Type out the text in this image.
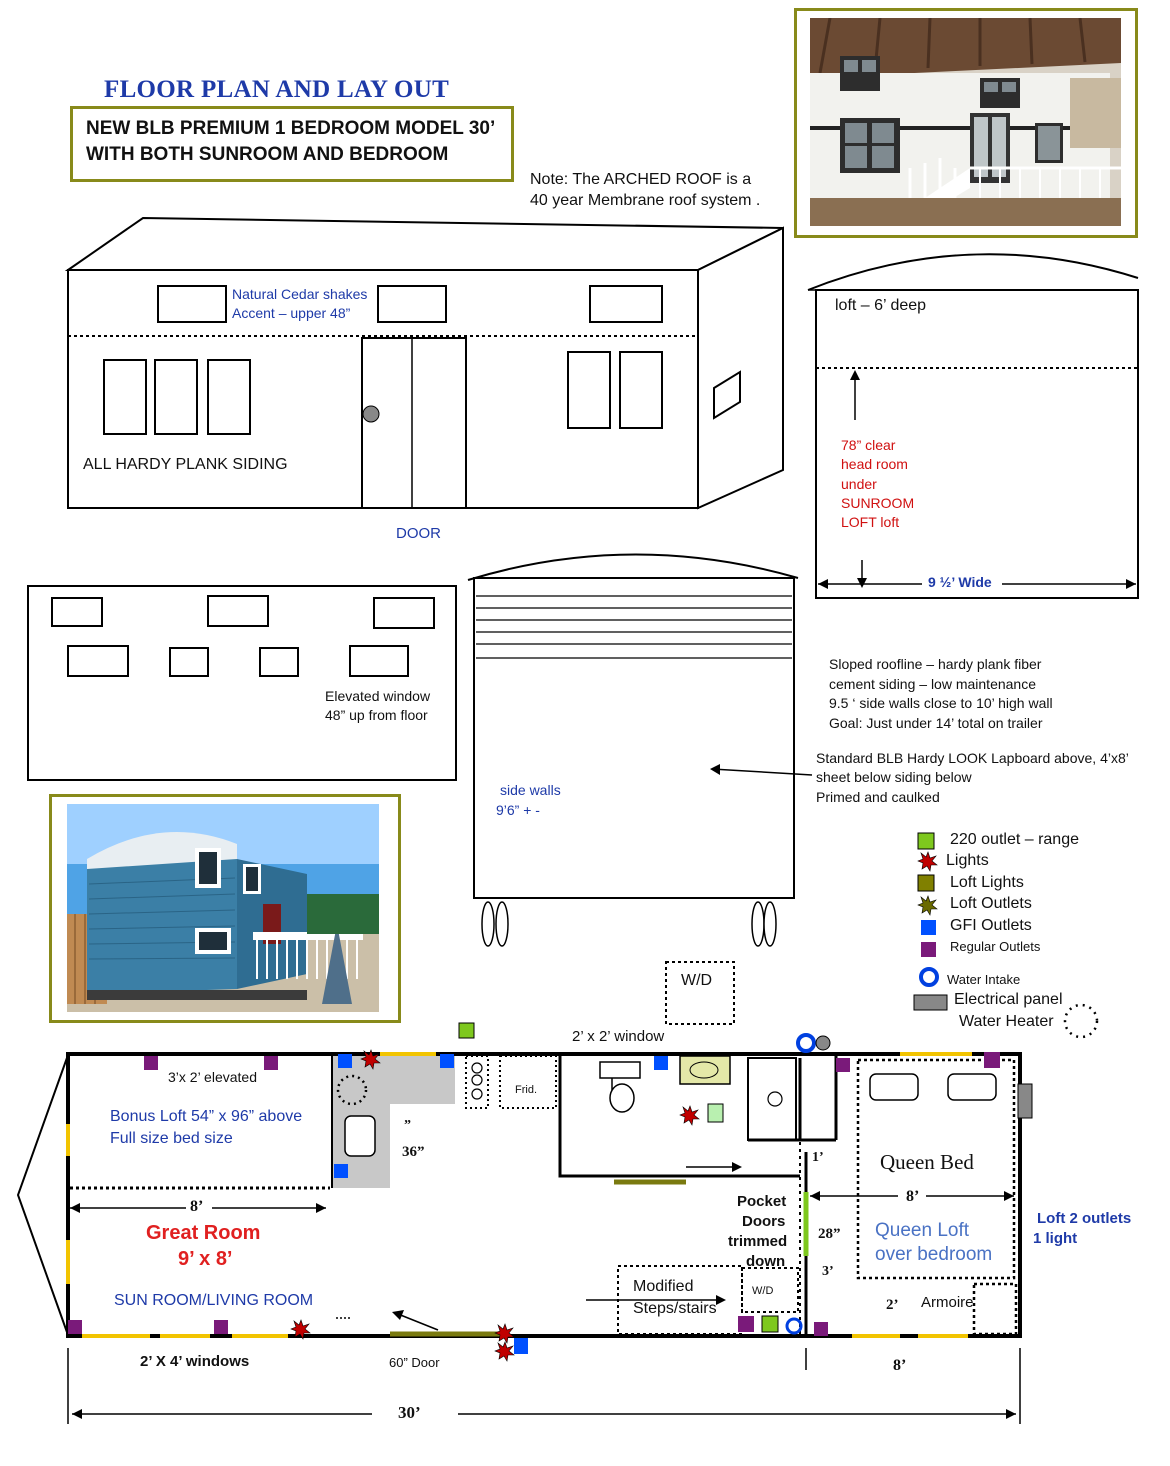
FLOOR PLAN AND LAY OUT
NEW BLB PREMIUM 1 BEDROOM MODEL 30’
WITH BOTH SUNROOM AND BEDROOM
Note: The ARCHED ROOF is a
40 year Membrane roof system .
Natural Cedar shakes
Accent – upper 48”
ALL HARDY PLANK SIDING
DOOR
loft – 6’ deep
78” clear
head room
under
SUNROOM
LOFT loft
9 ½’ Wide
Elevated window
48” up from floor
side walls
9’6” + -
Sloped roofline – hardy plank fiber
cement siding – low maintenance
9.5 ‘ side walls close to 10’ high wall
Goal: Just under 14’ total on trailer
Standard BLB Hardy LOOK Lapboard above, 4’x8’
sheet below siding below
Primed and caulked
220 outlet – range
Lights
Loft Lights
Loft Outlets
GFI Outlets
Regular Outlets
Water Intake
Electrical panel
Water Heater
W/D
2’ x 2’ window
3’x 2’ elevated
Bonus Loft 54” x 96” above
Full size bed size
”
36”
Frid.
8’
Great Room
9’ x 8’
SUN ROOM/LIVING ROOM
Pocket
Doors
trimmed
down
Modified
Steps/stairs
W/D
1’
28”
3’
Queen Bed
8’
Queen Loft
over bedroom
2’ Armoire
Loft 2 outlets
1 light
2’ X 4’ windows	60” Door	8’
30’
